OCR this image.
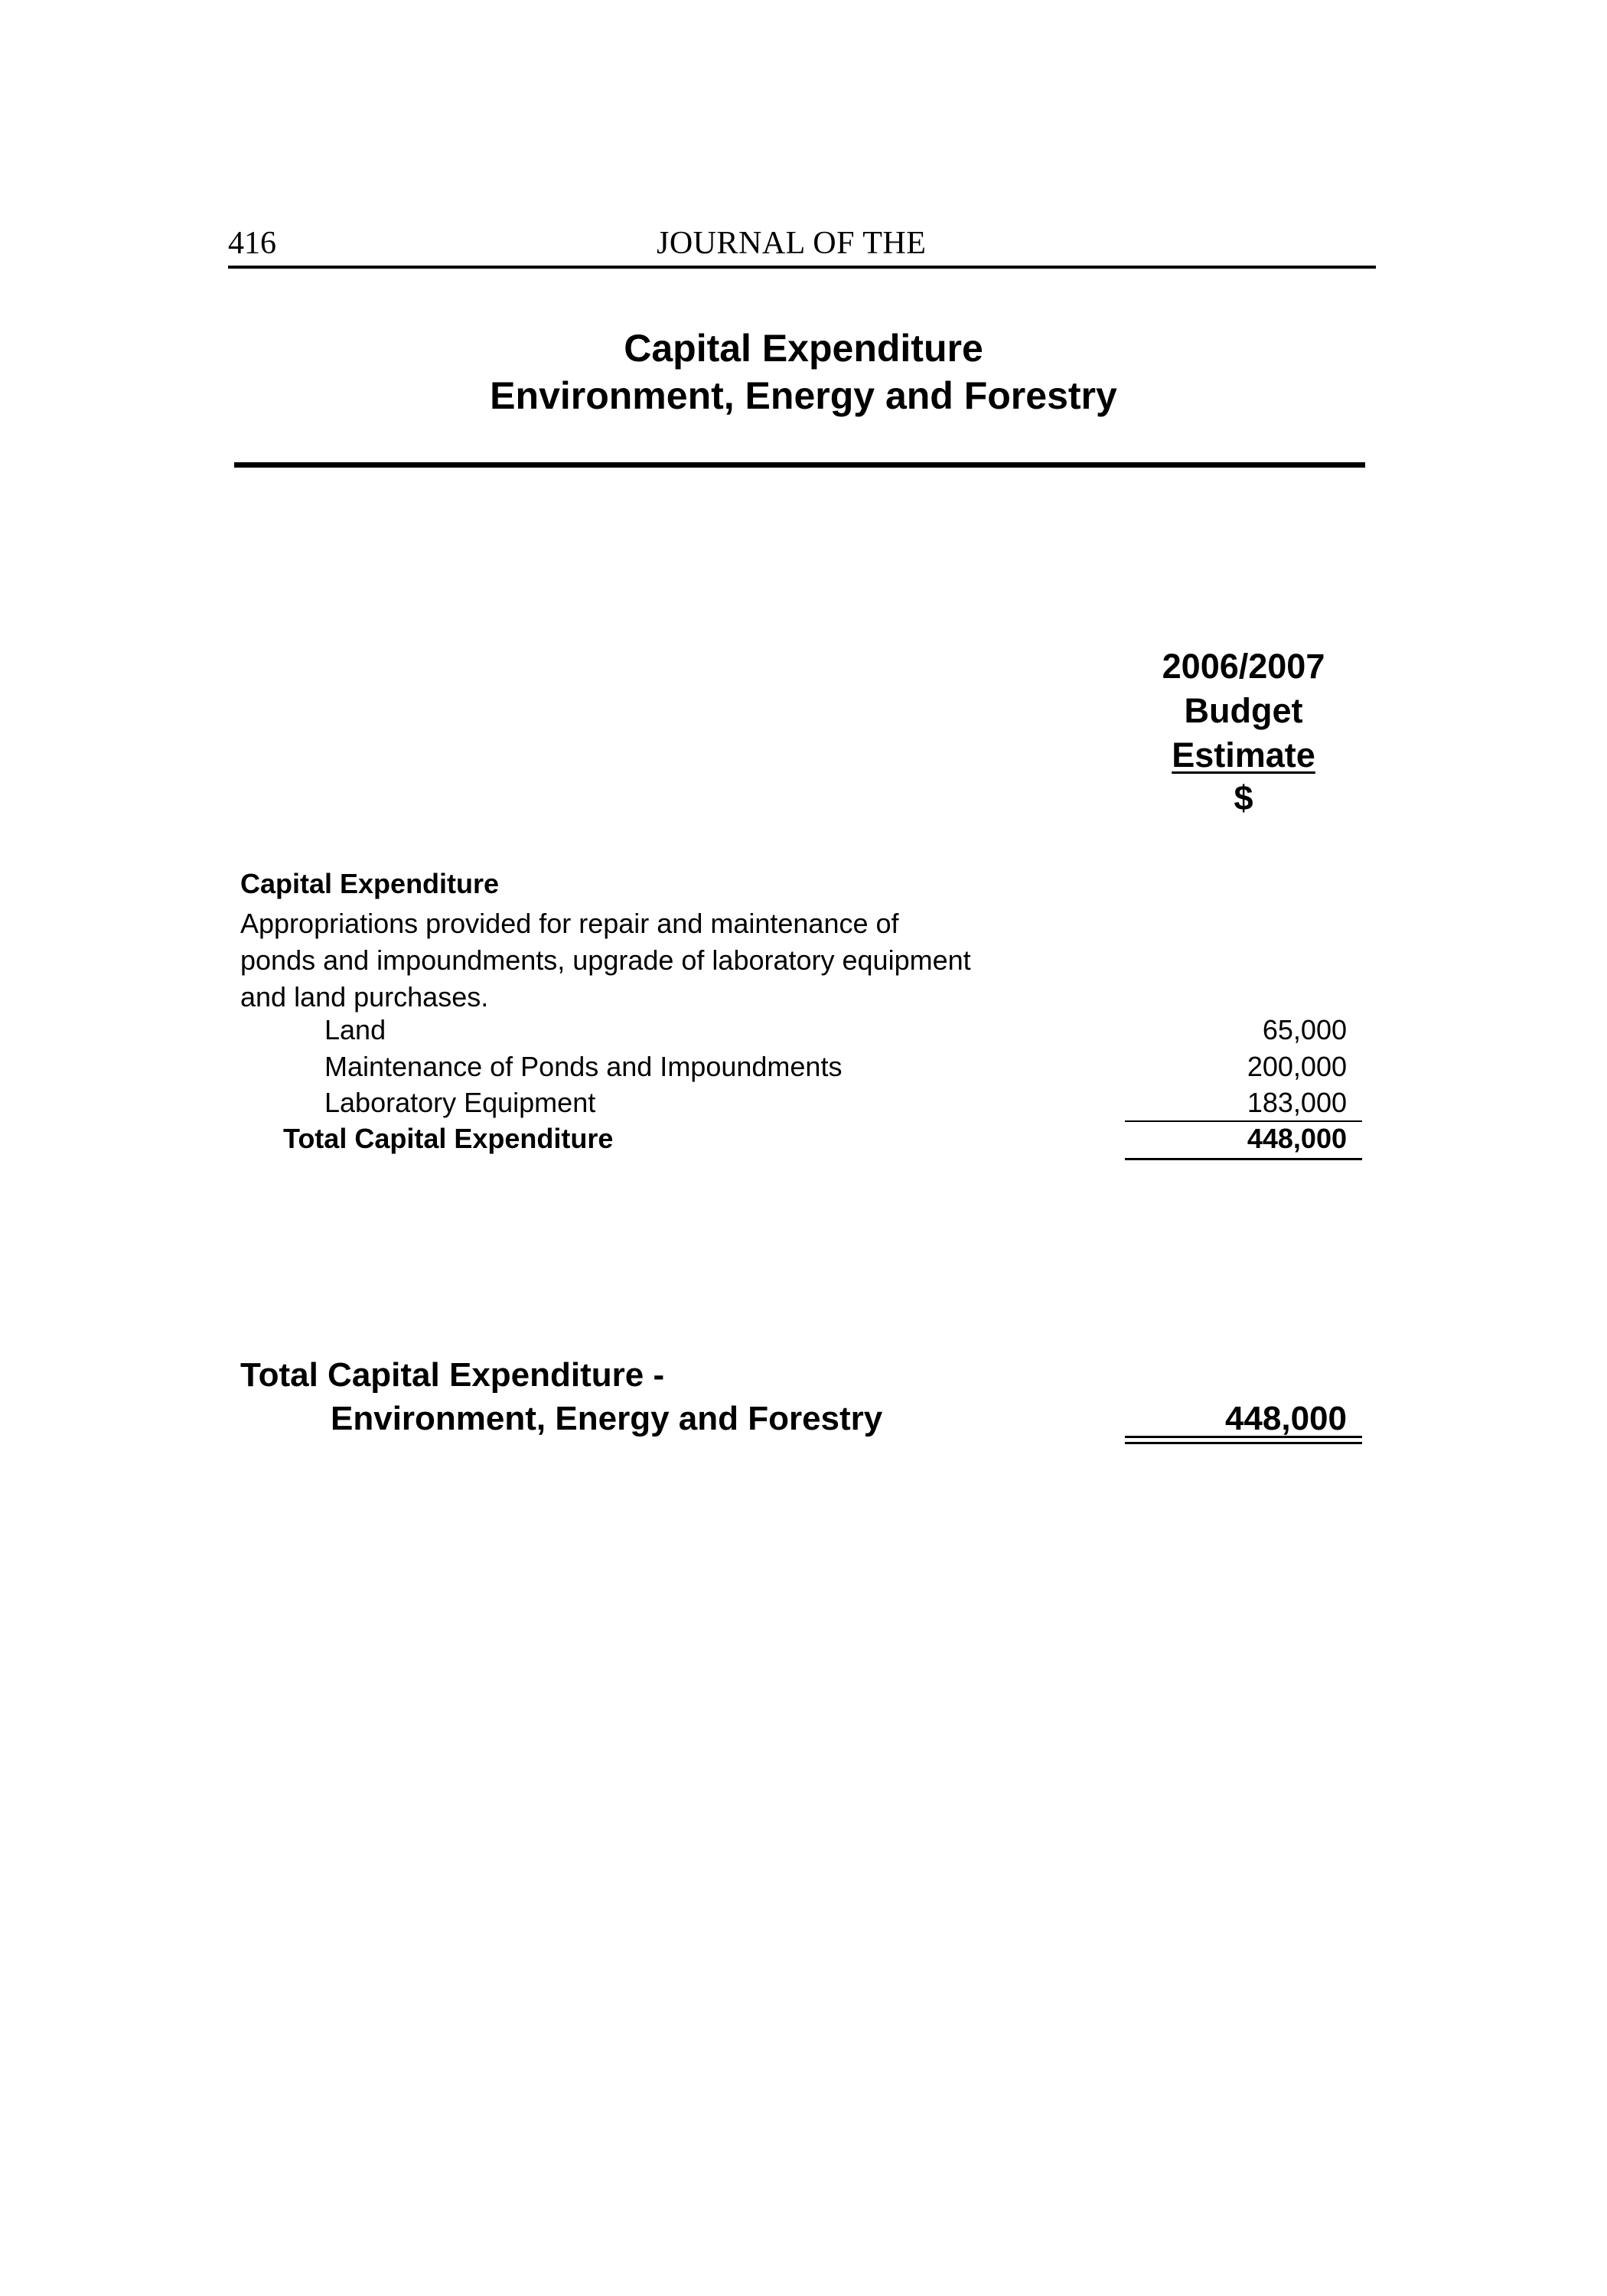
416	JOURNAL OF THE
Capital Expenditure
Environment, Energy and Forestry
2006/2007
Budget
Estimate
$
Capital Expenditure
Appropriations provided for repair and maintenance of ponds and impoundments, upgrade of laboratory equipment and land purchases.
Land	65,000
Maintenance of Ponds and Impoundments	200,000
Laboratory Equipment	183,000
Total Capital Expenditure	448,000
Total Capital Expenditure -
Environment, Energy and Forestry	448,000
